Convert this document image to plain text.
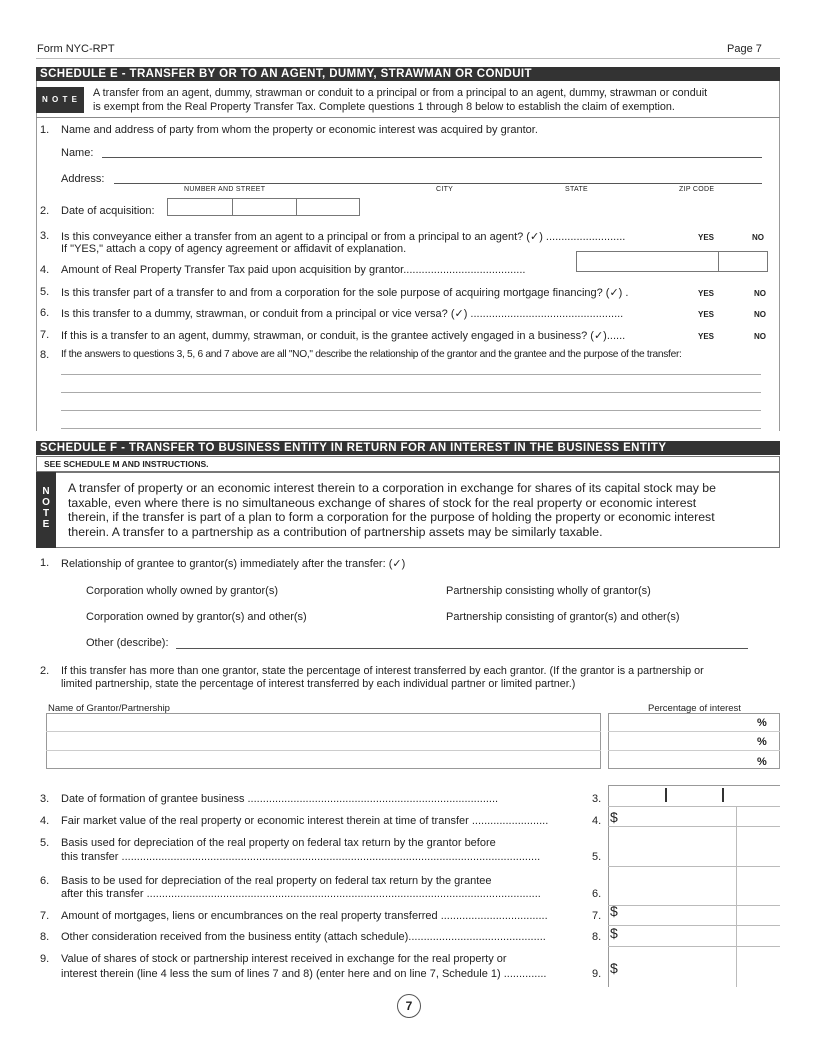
Form NYC-RPT	Page 7
SCHEDULE E - TRANSFER BY OR TO AN AGENT, DUMMY, STRAWMAN OR CONDUIT
N O T E
A transfer from an agent, dummy, strawman or conduit to a principal or from a principal to an agent, dummy, strawman or conduit
is exempt from the Real Property Transfer Tax. Complete questions 1 through 8 below to establish the claim of exemption.
1. Name and address of party from whom the property or economic interest was acquired by grantor.
Name:
Address:
NUMBER AND STREET	CITY	STATE	ZIP CODE
2. Date of acquisition:
3. Is this conveyance either a transfer from an agent to a principal or from a principal to an agent? (✓) ..........................
If "YES," attach a copy of agency agreement or affidavit of explanation.
YES	NO
4. Amount of Real Property Transfer Tax paid upon acquisition by grantor........................................
5. Is this transfer part of a transfer to and from a corporation for the sole purpose of acquiring mortgage financing? (✓) .	YES	NO
6. Is this transfer to a dummy, strawman, or conduit from a principal or vice versa? (✓) ..................................................	YES	NO
7. If this is a transfer to an agent, dummy, strawman, or conduit, is the grantee actively engaged in a business? (✓)......	YES	NO
8. If the answers to questions 3, 5, 6 and 7 above are all "NO," describe the relationship of the grantor and the grantee and the purpose of the transfer:
SCHEDULE F - TRANSFER TO BUSINESS ENTITY IN RETURN FOR AN INTEREST IN THE BUSINESS ENTITY
SEE SCHEDULE M AND INSTRUCTIONS.
N
O
T
E
A transfer of property or an economic interest therein to a corporation in exchange for shares of its capital stock may be
taxable, even where there is no simultaneous exchange of shares of stock for the real property or economic interest
therein, if the transfer is part of a plan to form a corporation for the purpose of holding the property or economic interest
therein. A transfer to a partnership as a contribution of partnership assets may be similarly taxable.
1. Relationship of grantee to grantor(s) immediately after the transfer: (✓)
Corporation wholly owned by grantor(s)	Partnership consisting wholly of grantor(s)
Corporation owned by grantor(s) and other(s)	Partnership consisting of grantor(s) and other(s)
Other (describe):
2. If this transfer has more than one grantor, state the percentage of interest transferred by each grantor. (If the grantor is a partnership or
limited partnership, state the percentage of interest transferred by each individual partner or limited partner.)
Name of Grantor/Partnership	Percentage of interest
%
%
%
3. Date of formation of grantee business ..................................................................................	3.
4. Fair market value of the real property or economic interest therein at time of transfer .........................	4. $
5. Basis used for depreciation of the real property on federal tax return by the grantor before
this transfer .........................................................................................................................................	5.
6. Basis to be used for depreciation of the real property on federal tax return by the grantee
after this transfer .................................................................................................................................	6.
7. Amount of mortgages, liens or encumbrances on the real property transferred ...................................	7. $
8. Other consideration received from the business entity (attach schedule).............................................	8. $
9. Value of shares of stock or partnership interest received in exchange for the real property or
interest therein (line 4 less the sum of lines 7 and 8) (enter here and on line 7, Schedule 1) ..............	9. $
7
